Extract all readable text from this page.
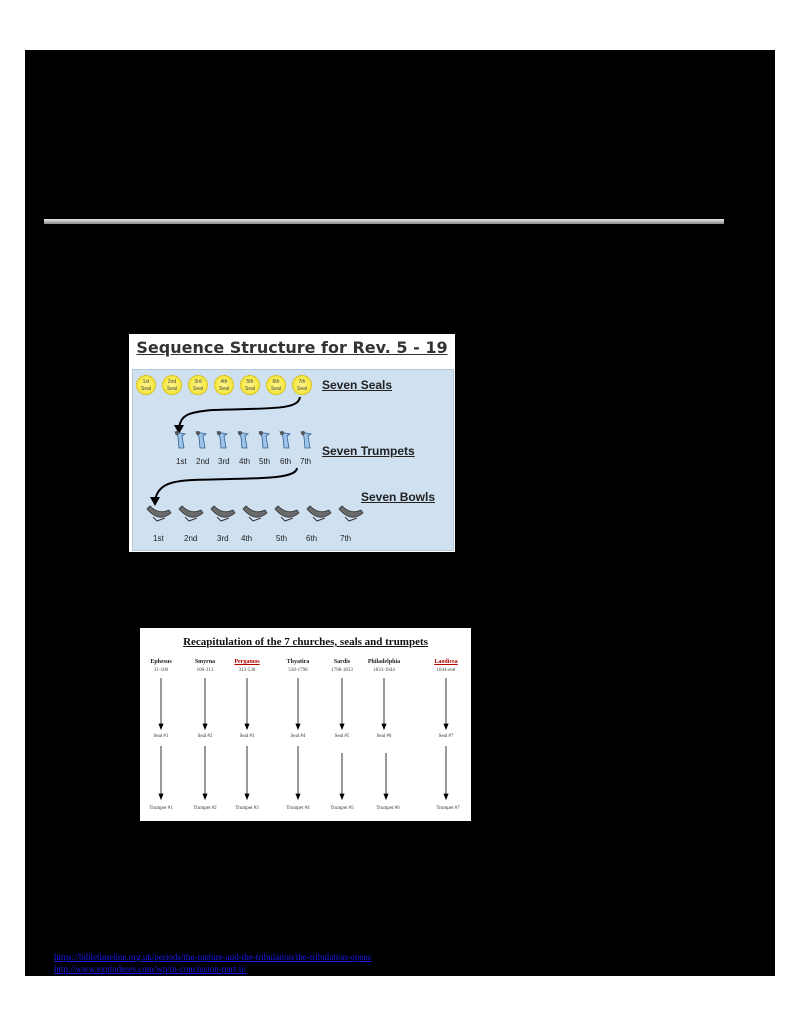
Sequence Structure for Rev. 5 - 19
1st Seal
2nd Seal
3rd Seal
4th Seal
5th Seal
6th Seal
7th Seal	Seven Seals
1st 2nd 3rd 4th 5th 6th 7th
Seven Trumpets
Seven Bowls
1st	2nd 3rd 4th	5th 6th	7th
Recapitulation of the 7 churches, seals and trumpets
Ephesus	Smyrna	Pergamos	Thyatira	Sardis	Philadelphia	Laodicea
31-100	100-313	313-538	538-1798	1798-1833	1833-1844	1844-end
Seal #1	Seal #2	Seal #3	Seal #4	Seal #5	Seal #6	Seal #7
Trumpet #1	Trumpet #2	Trumpet #3	Trumpet #4	Trumpet #5	Trumpet #6	Trumpet #7
https://bibletimeline.org.uk/periods/the-rapture-and-the-tribulation/the-tribulation-opens
http://www.exploderev.com/wp/in-conclusion-part-ii/
